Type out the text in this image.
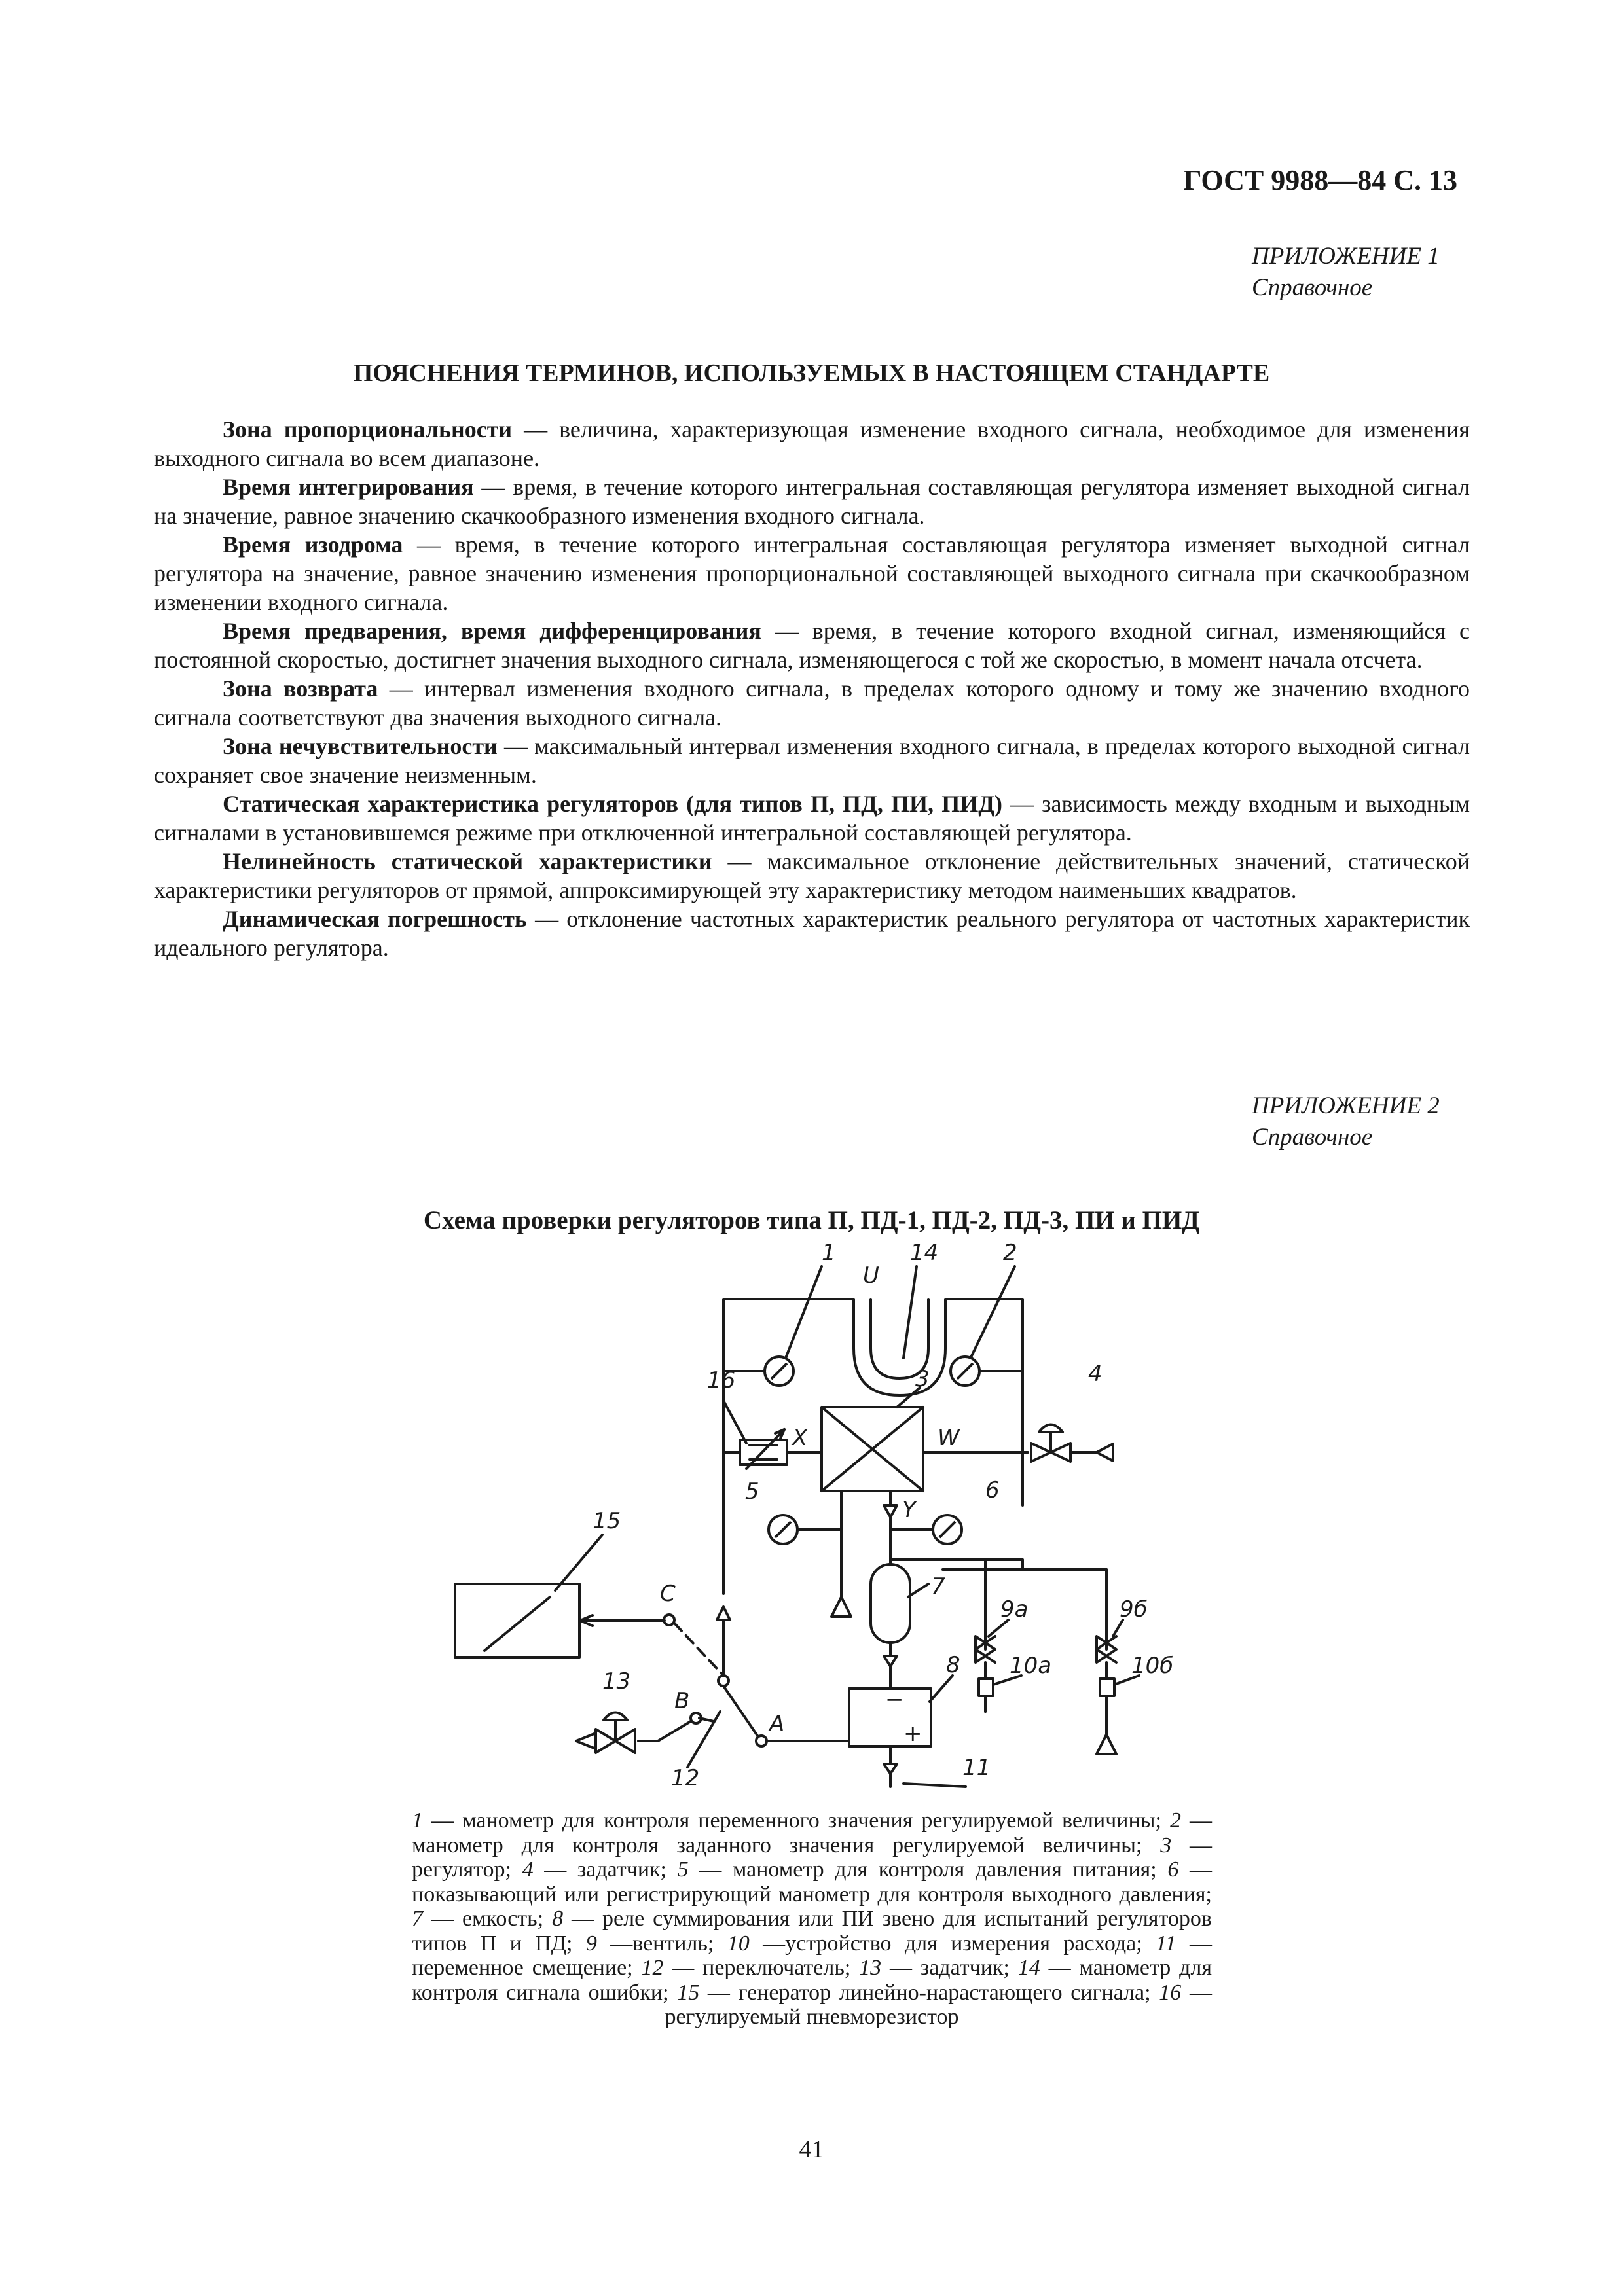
ГОСТ 9988—84 С. 13
ПРИЛОЖЕНИЕ 1
Справочное
ПОЯСНЕНИЯ ТЕРМИНОВ, ИСПОЛЬЗУЕМЫХ В НАСТОЯЩЕМ СТАНДАРТЕ

Зона пропорциональности — величина, характеризующая изменение входного сигнала, необходимое для изменения выходного сигнала во всем диапазоне.

Время интегрирования — время, в течение которого интегральная составляющая регулятора изменяет выходной сигнал на значение, равное значению скачкообразного изменения входного сигнала.

Время изодрома — время, в течение которого интегральная составляющая регулятора изменяет выходной сигнал регулятора на значение, равное значению изменения пропорциональной составляющей выходного сигнала при скачкообразном изменении входного сигнала.

Время предварения, время дифференцирования — время, в течение которого входной сигнал, изменяющийся с постоянной скоростью, достигнет значения выходного сигнала, изменяющегося с той же скоростью, в момент начала отсчета.

Зона возврата — интервал изменения входного сигнала, в пределах которого одному и тому же значению входного сигнала соответствуют два значения выходного сигнала.

Зона нечувствительности — максимальный интервал изменения входного сигнала, в пределах которого выходной сигнал сохраняет свое значение неизменным.

Статическая характеристика регуляторов (для типов П, ПД, ПИ, ПИД) — зависимость между входным и выходным сигналами в установившемся режиме при отключенной интегральной составляющей регулятора.

Нелинейность статической характеристики — максимальное отклонение действительных значений, статической характеристики регуляторов от прямой, аппроксимирующей эту характеристику методом наименьших квадратов.

Динамическая погрешность — отклонение частотных характеристик реального регулятора от частотных характеристик идеального регулятора.

ПРИЛОЖЕНИЕ 2
Справочное
Схема проверки регуляторов типа П, ПД-1, ПД-2, ПД-3, ПИ и ПИД
1
U
14	2
16	3	4
X	W
5	6
Y
15
7
C
9а	9б
10а	10б
13
8
B
A
−
+
11
12
1 — манометр для контроля переменного значения регулируемой величины; 2 — манометр для контроля заданного значения регулируемой величины; 3 — регулятор; 4 — задатчик; 5 — манометр для контроля давления питания; 6 — показывающий или регистрирующий манометр для контроля выходного давления; 7 — емкость; 8 — реле суммирования или ПИ звено для испытаний регуляторов типов П и ПД; 9 —вентиль; 10 —устройство для измерения расхода; 11 — переменное смещение; 12 — переключатель; 13 — задатчик; 14 — манометр для контроля сигнала ошибки; 15 — генератор линейно-нарастающего сигнала; 16 — регулируемый пневморезистор
41
